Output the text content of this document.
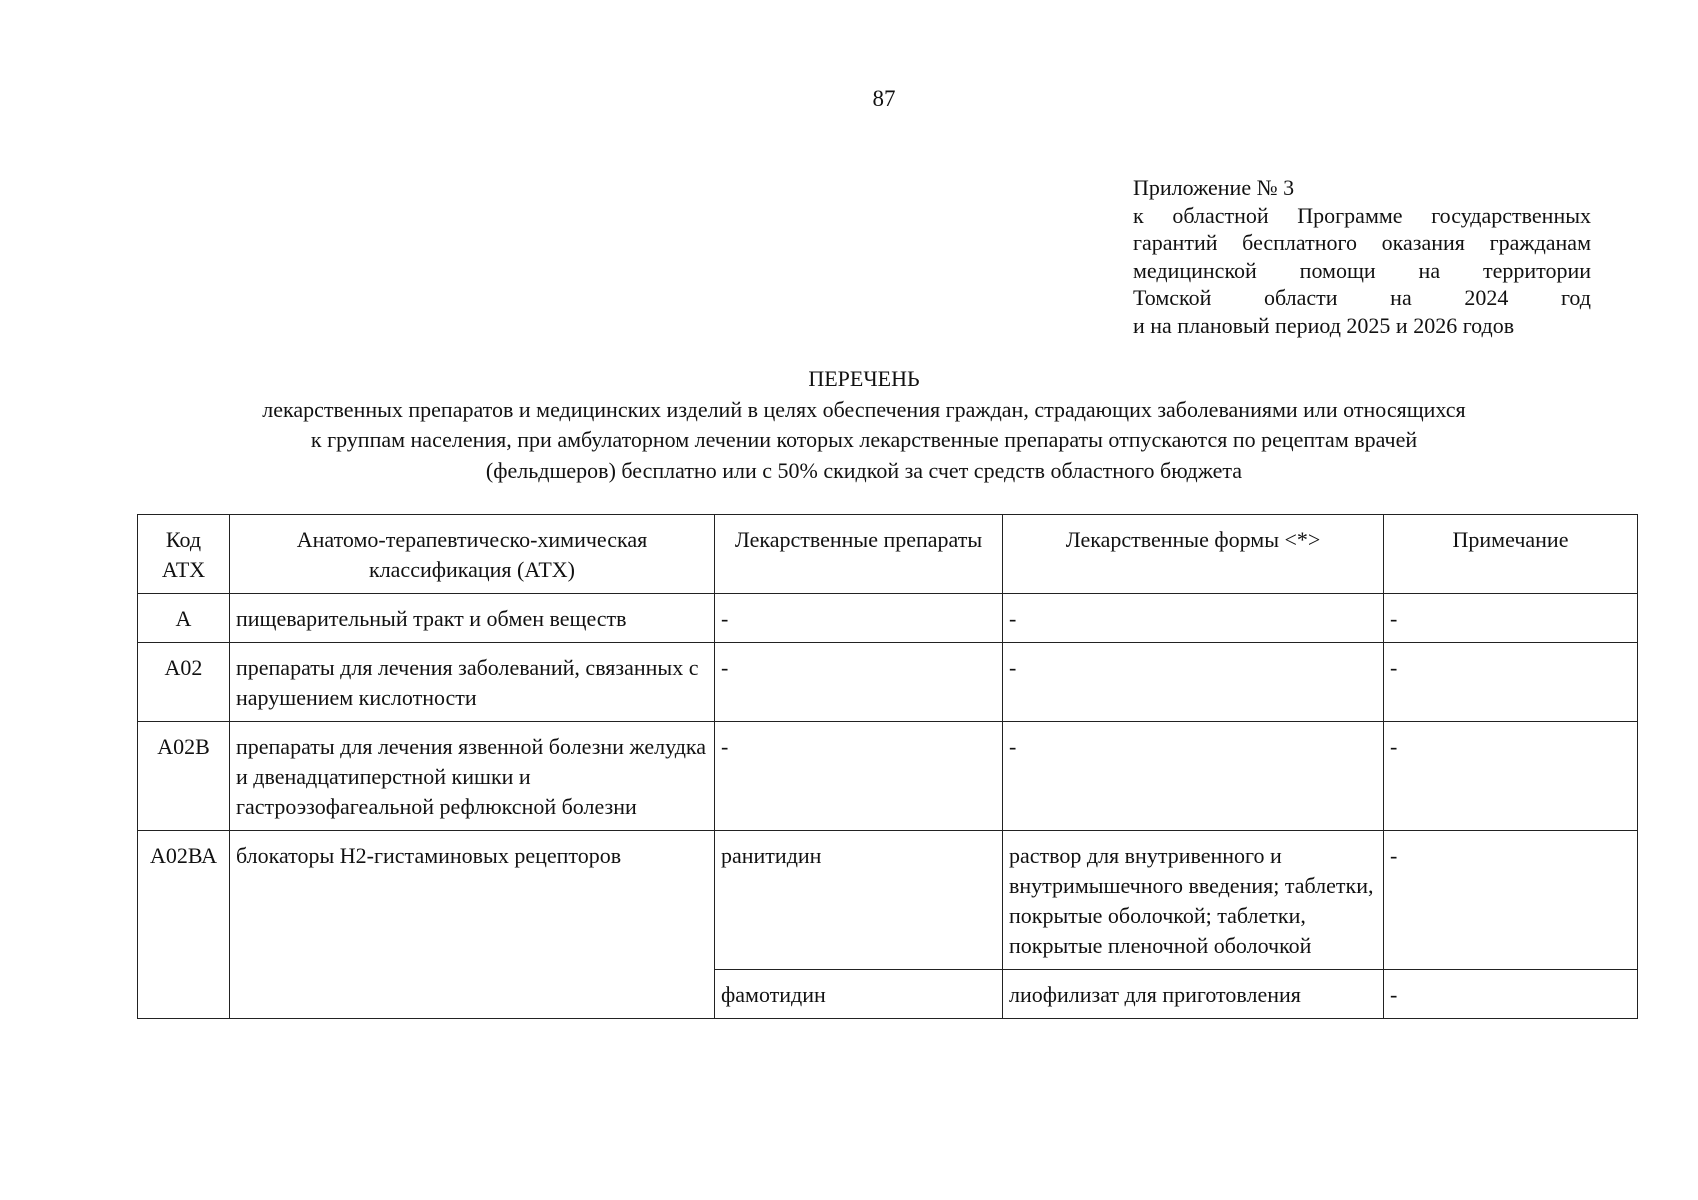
87
Приложение № 3
к областной Программе государственных
гарантий бесплатного оказания гражданам
медицинской помощи на территории
Томской области на 2024 год
и на плановый период 2025 и 2026 годов
ПЕРЕЧЕНЬ
лекарственных препаратов и медицинских изделий в целях обеспечения граждан, страдающих заболеваниями или относящихся
к группам населения, при амбулаторном лечении которых лекарственные препараты отпускаются по рецептам врачей
(фельдшеров) бесплатно или с 50% скидкой за счет средств областного бюджета
Код АТХ	Анатомо-терапевтическо-химическая классификация (АТХ)	Лекарственные препараты	Лекарственные формы <*>	Примечание
А	пищеварительный тракт и обмен веществ	-	-	-
А02	препараты для лечения заболеваний, связанных с нарушением кислотности	-	-	-
А02В	препараты для лечения язвенной болезни желудка и двенадцатиперстной кишки и гастроэзофагеальной рефлюксной болезни	-	-	-
А02ВА	блокаторы Н2-гистаминовых рецепторов	ранитидин	раствор для внутривенного и внутримышечного введения; таблетки, покрытые оболочкой; таблетки, покрытые пленочной оболочкой	-
		фамотидин	лиофилизат для приготовления	-
